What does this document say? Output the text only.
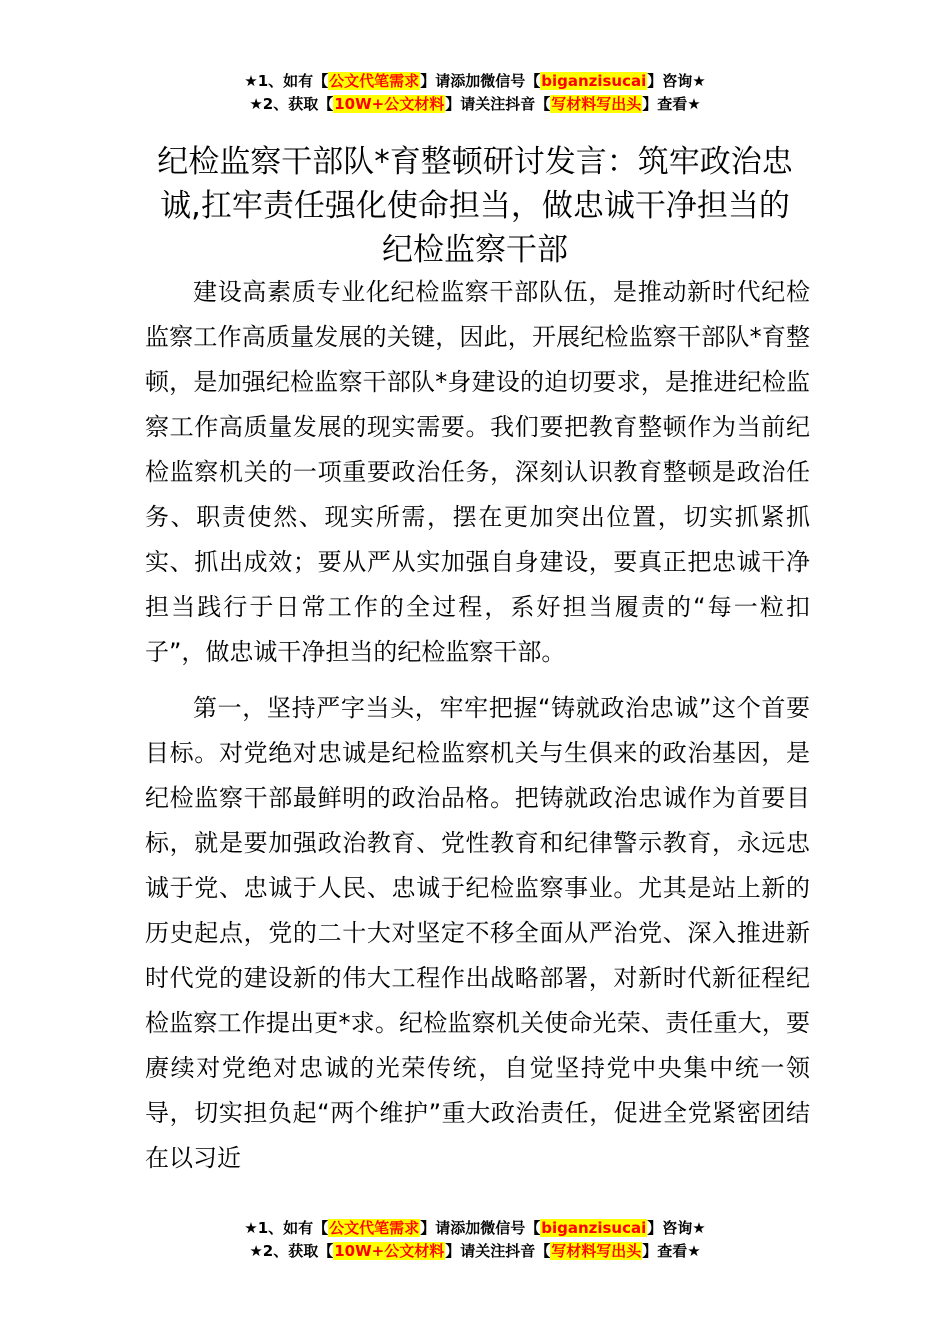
★1、如有【公文代笔需求】请添加微信号【biganzisucai】咨询★
★2、获取【10W+公文材料】请关注抖音【写材料写出头】查看★
纪检监察干部队*育整顿研讨发言：筑牢政治忠诚,扛牢责任强化使命担当，做忠诚干净担当的纪检监察干部

建设高素质专业化纪检监察干部队伍，是推动新时代纪检监察工作高质量发展的关键，因此，开展纪检监察干部队*育整顿，是加强纪检监察干部队*身建设的迫切要求，是推进纪检监察工作高质量发展的现实需要。我们要把教育整顿作为当前纪检监察机关的一项重要政治任务，深刻认识教育整顿是政治任务、职责使然、现实所需，摆在更加突出位置，切实抓紧抓实、抓出成效；要从严从实加强自身建设，要真正把忠诚干净担当践行于日常工作的全过程，系好担当履责的“每一粒扣子”，做忠诚干净担当的纪检监察干部。

第一，坚持严字当头，牢牢把握“铸就政治忠诚”这个首要目标。对党绝对忠诚是纪检监察机关与生俱来的政治基因，是纪检监察干部最鲜明的政治品格。把铸就政治忠诚作为首要目标，就是要加强政治教育、党性教育和纪律警示教育，永远忠诚于党、忠诚于人民、忠诚于纪检监察事业。尤其是站上新的历史起点，党的二十大对坚定不移全面从严治党、深入推进新时代党的建设新的伟大工程作出战略部署，对新时代新征程纪检监察工作提出更*求。纪检监察机关使命光荣、责任重大，要赓续对党绝对忠诚的光荣传统，自觉坚持党中央集中统一领导，切实担负起“两个维护”重大政治责任，促进全党紧密团结在以习近

★1、如有【公文代笔需求】请添加微信号【biganzisucai】咨询★
★2、获取【10W+公文材料】请关注抖音【写材料写出头】查看★
